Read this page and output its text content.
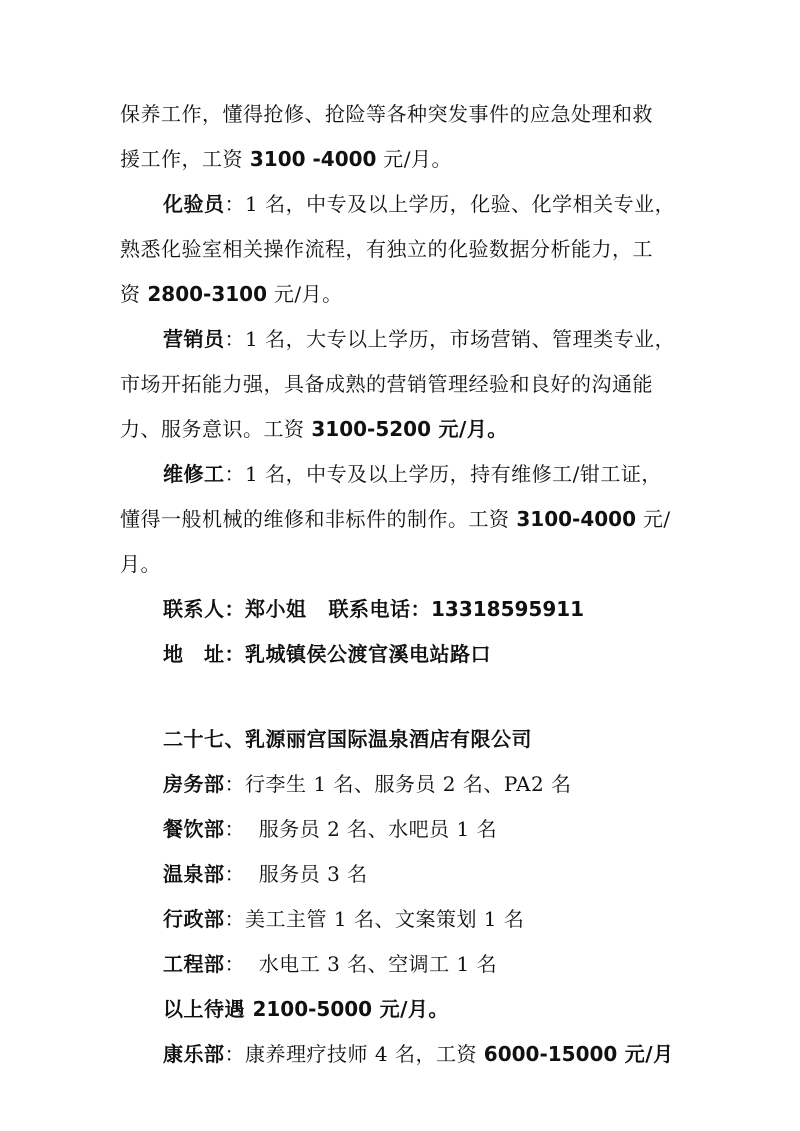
保养工作，懂得抢修、抢险等各种突发事件的应急处理和救
援工作，工资 3100 -4000 元/月。
化验员：1 名，中专及以上学历，化验、化学相关专业，
熟悉化验室相关操作流程，有独立的化验数据分析能力，工
资 2800-3100 元/月。
营销员：1 名，大专以上学历，市场营销、管理类专业，
市场开拓能力强，具备成熟的营销管理经验和良好的沟通能
力、服务意识。工资 3100-5200 元/月。
维修工：1 名，中专及以上学历，持有维修工/钳工证，
懂得一般机械的维修和非标件的制作。工资 3100-4000 元/
月。
联系人：郑小姐 联系电话：13318595911
地　址：乳城镇侯公渡官溪电站路口
二十七、乳源丽宫国际温泉酒店有限公司
房务部：行李生 1 名、服务员 2 名、PA2 名
餐饮部：  服务员 2 名、水吧员 1 名
温泉部：  服务员 3 名
行政部：美工主管 1 名、文案策划 1 名
工程部：  水电工 3 名、空调工 1 名
以上待遇 2100-5000 元/月。
康乐部：康养理疗技师 4 名，工资 6000-15000 元/月
